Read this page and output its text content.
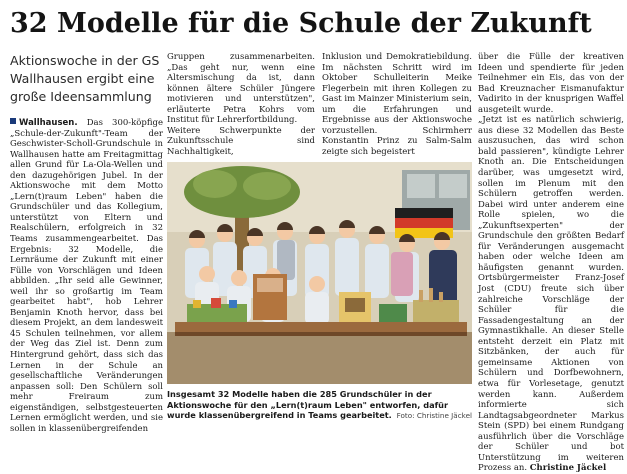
32 Modelle für die Schule der Zukunft
Aktionswoche in der GS Wallhausen ergibt eine große Ideensammlung
Wallhausen. Das 300-köpfige „Schule-der-Zukunft"-Team der Geschwister-Scholl-Grundschule in Wallhausen hatte am Freitagmittag allen Grund für La-Ola-Wellen und den dazugehörigen Jubel. In der Aktionswoche mit dem Motto „Lern(t)raum Leben" haben die Grundschüler und das Kollegium, unterstützt von Eltern und Realschülern, erfolgreich in 32 Teams zusammengearbeitet. Das Ergebnis: 32 Modelle, die Lernräume der Zukunft mit einer Fülle von Vorschlägen und Ideen abbilden. „Ihr seid alle Gewinner, weil ihr so großartig im Team gearbeitet habt", hob Lehrer Benjamin Knoth hervor, dass bei diesem Projekt, an dem landesweit 45 Schulen teilnehmen, vor allem der Weg das Ziel ist. Denn zum Hintergrund gehört, dass sich das Lernen in der Schule an gesellschaftliche Veränderungen anpassen soll: Den Schülern soll mehr Freiraum zum eigenständigen, selbstgesteuerten Lernen ermöglicht werden, und sie sollen in klassenübergreifenden
Gruppen zusammenarbeiten. „Das geht nur, wenn eine Altersmischung da ist, dann können ältere Schüler Jüngere motivieren und unterstützen", erläuterte Petra Kohrs vom Institut für Lehrerfortbildung.
Weitere Schwerpunkte der Zukunftsschule sind Nachhaltigkeit,
Inklusion und Demokratiebildung. Im nächsten Schritt wird im Oktober Schulleiterin Meike Flegerbein mit ihren Kollegen zu Gast im Mainzer Ministerium sein, um die Erfahrungen und Ergebnisse aus der Aktionswoche vorzustellen. Schirmherr Konstantin Prinz zu Salm-Salm zeigte sich begeistert
über die Fülle der kreativen Ideen und spendierte für jeden Teilnehmer ein Eis, das von der Bad Kreuznacher Eismanufaktur Vadirito in der knusprigen Waffel ausgeteilt wurde.
„Jetzt ist es natürlich schwierig, aus diese 32 Modellen das Beste auszusuchen, das wird schon bald passieren", kündigte Lehrer Knoth an. Die Entscheidungen darüber, was umgesetzt wird, sollen im Plenum mit den Schülern getroffen werden. Dabei wird unter anderem eine Rolle spielen, wo die „Zukunftsexperten" der Grundschule den größten Bedarf für Veränderungen ausgemacht haben oder welche Ideen am häufigsten genannt wurden. Ortsbürgermeister Franz-Josef Jost (CDU) freute sich über zahlreiche Vorschläge der Schüler für die Fassadengestaltung an der Gymnastikhalle. An dieser Stelle entsteht derzeit ein Platz mit Sitzbänken, der auch für gemeinsame Aktionen von Schülern und Dorfbewohnern, etwa für Vorlesetage, genutzt werden kann. Außerdem informierte sich Landtagsabgeordneter Markus Stein (SPD) bei einem Rundgang ausführlich über die Vorschläge der Schüler und bot Unterstützung im weiteren Prozess an. Christine Jäckel
Insgesamt 32 Modelle haben die 285 Grundschüler in der Aktionswoche für den „Lern(t)raum Leben" entworfen, dafür wurde klassenübergreifend in Teams gearbeitet. Foto: Christine Jäckel
